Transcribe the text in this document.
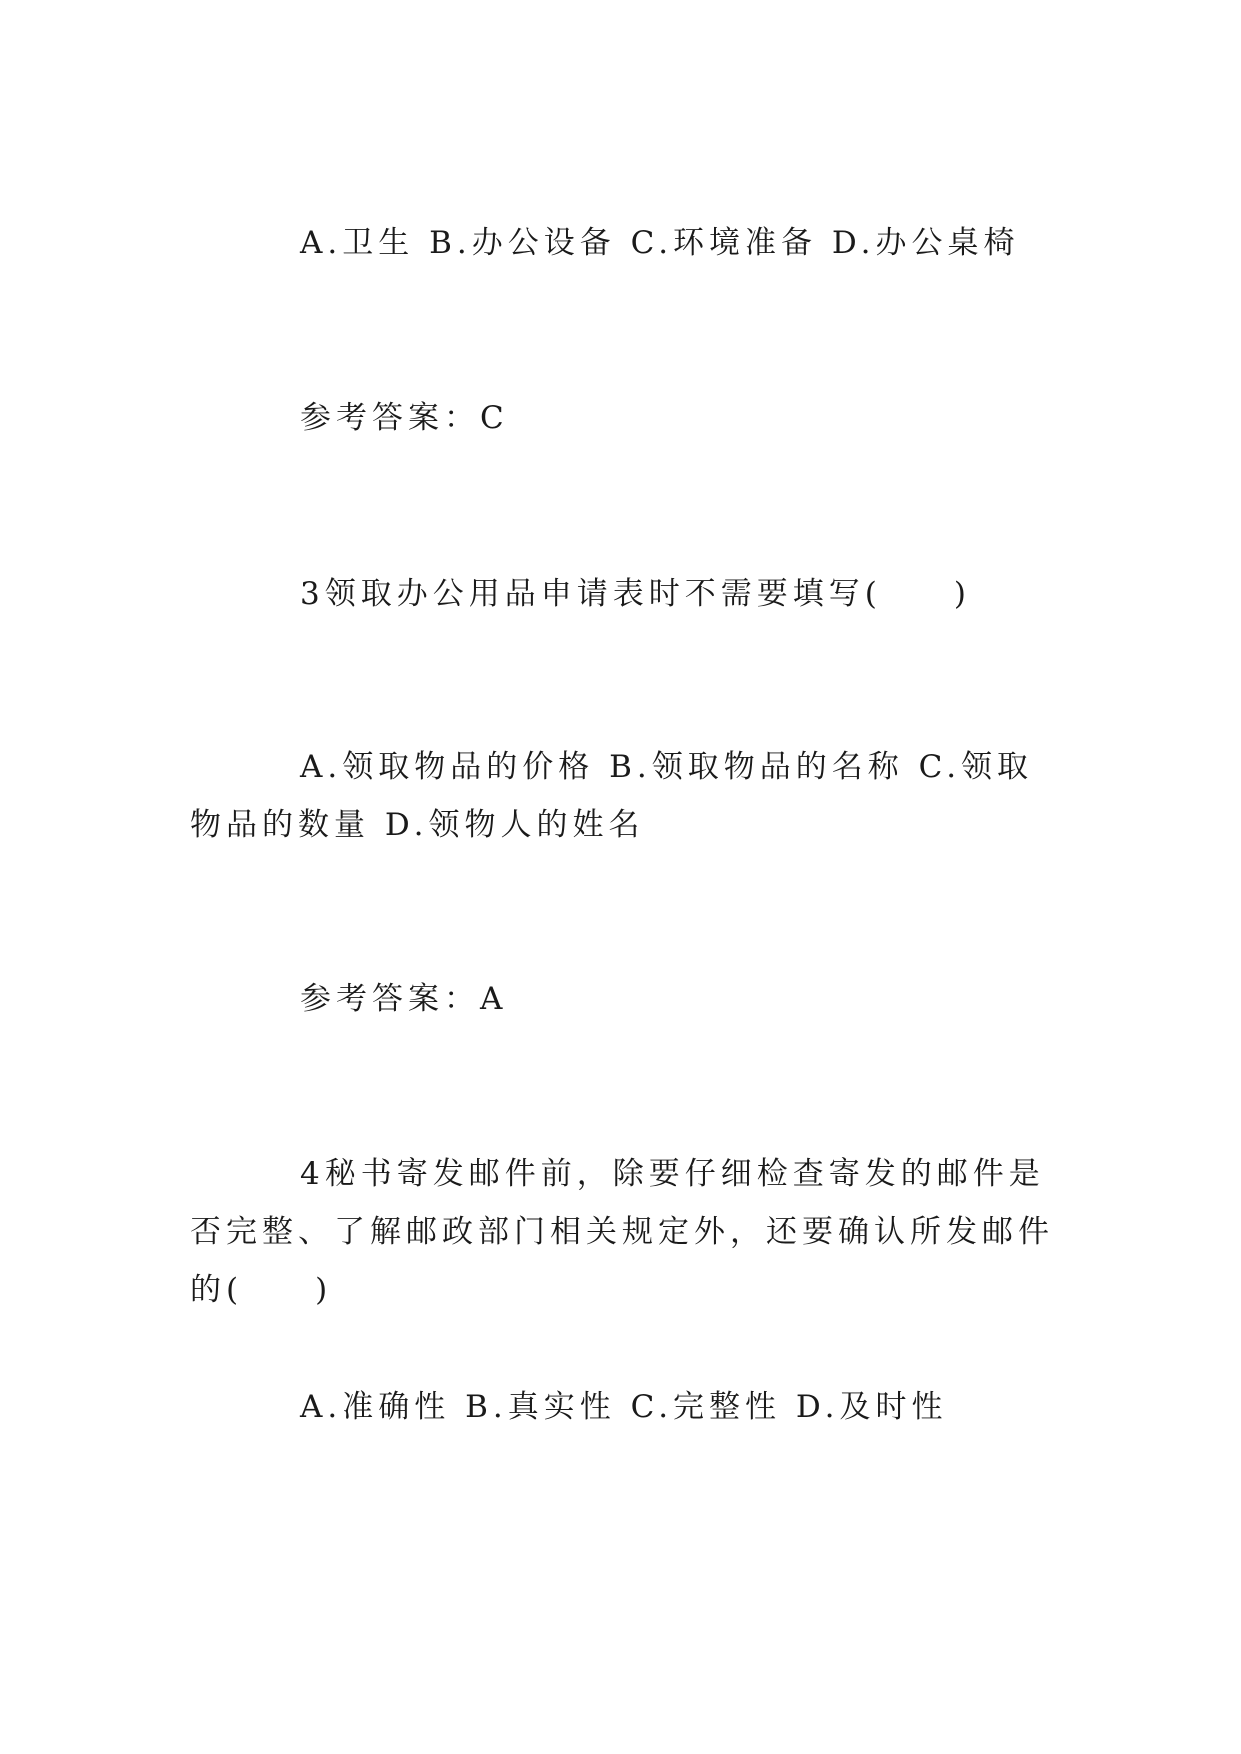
A.卫生 B.办公设备 C.环境准备 D.办公桌椅

参考答案：C

3领取办公用品申请表时不需要填写(　　)

A.领取物品的价格 B.领取物品的名称 C.领取物品的数量 D.领物人的姓名

参考答案：A

4秘书寄发邮件前，除要仔细检查寄发的邮件是否完整、了解邮政部门相关规定外，还要确认所发邮件的(　　)

A.准确性 B.真实性 C.完整性 D.及时性
